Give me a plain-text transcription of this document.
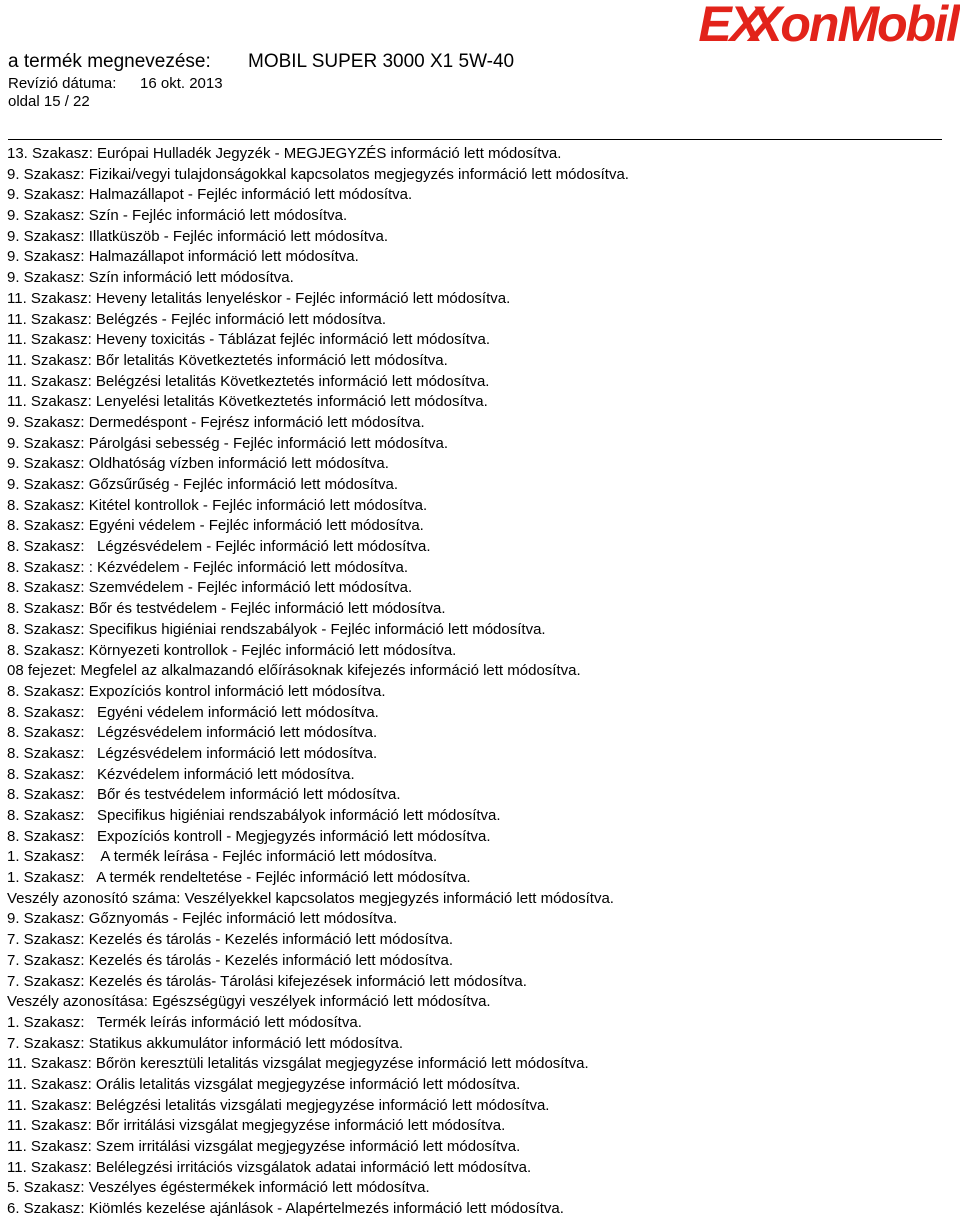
a termék megnevezése: MOBIL SUPER 3000 X1 5W-40
Revízió dátuma: 16 okt. 2013
oldal 15 / 22
EXX onMobil
13. Szakasz: Európai Hulladék Jegyzék - MEGJEGYZÉS információ lett módosítva.
9. Szakasz: Fizikai/vegyi tulajdonságokkal kapcsolatos megjegyzés információ lett módosítva.
9. Szakasz: Halmazállapot - Fejléc információ lett módosítva.
9. Szakasz: Szín - Fejléc információ lett módosítva.
9. Szakasz: Illatküszöb - Fejléc információ lett módosítva.
9. Szakasz: Halmazállapot információ lett módosítva.
9. Szakasz: Szín információ lett módosítva.
11. Szakasz: Heveny letalitás lenyeléskor - Fejléc információ lett módosítva.
11. Szakasz: Belégzés - Fejléc információ lett módosítva.
11. Szakasz: Heveny toxicitás - Táblázat fejléc információ lett módosítva.
11. Szakasz: Bőr letalitás Következtetés információ lett módosítva.
11. Szakasz: Belégzési letalitás Következtetés információ lett módosítva.
11. Szakasz: Lenyelési letalitás Következtetés információ lett módosítva.
9. Szakasz: Dermedéspont - Fejrész információ lett módosítva.
9. Szakasz: Párolgási sebesség - Fejléc információ lett módosítva.
9. Szakasz: Oldhatóság vízben információ lett módosítva.
9. Szakasz: Gőzsűrűség - Fejléc információ lett módosítva.
8. Szakasz: Kitétel kontrollok - Fejléc információ lett módosítva.
8. Szakasz: Egyéni védelem - Fejléc információ lett módosítva.
8. Szakasz:   Légzésvédelem - Fejléc információ lett módosítva.
8. Szakasz: : Kézvédelem - Fejléc információ lett módosítva.
8. Szakasz: Szemvédelem - Fejléc információ lett módosítva.
8. Szakasz: Bőr és testvédelem - Fejléc információ lett módosítva.
8. Szakasz: Specifikus higiéniai rendszabályok - Fejléc információ lett módosítva.
8. Szakasz: Környezeti kontrollok - Fejléc információ lett módosítva.
08 fejezet: Megfelel az alkalmazandó előírásoknak kifejezés információ lett módosítva.
8. Szakasz: Expozíciós kontrol információ lett módosítva.
8. Szakasz:   Egyéni védelem információ lett módosítva.
8. Szakasz:   Légzésvédelem információ lett módosítva.
8. Szakasz:   Légzésvédelem információ lett módosítva.
8. Szakasz:   Kézvédelem információ lett módosítva.
8. Szakasz:   Bőr és testvédelem információ lett módosítva.
8. Szakasz:   Specifikus higiéniai rendszabályok információ lett módosítva.
8. Szakasz:   Expozíciós kontroll - Megjegyzés információ lett módosítva.
1. Szakasz:    A termék leírása - Fejléc információ lett módosítva.
1. Szakasz:   A termék rendeltetése - Fejléc információ lett módosítva.
Veszély azonosító száma: Veszélyekkel kapcsolatos megjegyzés információ lett módosítva.
9. Szakasz: Gőznyomás - Fejléc információ lett módosítva.
7. Szakasz: Kezelés és tárolás - Kezelés információ lett módosítva.
7. Szakasz: Kezelés és tárolás - Kezelés információ lett módosítva.
7. Szakasz: Kezelés és tárolás- Tárolási kifejezések információ lett módosítva.
Veszély azonosítása: Egészségügyi veszélyek információ lett módosítva.
1. Szakasz:   Termék leírás információ lett módosítva.
7. Szakasz: Statikus akkumulátor információ lett módosítva.
11. Szakasz: Bőrön keresztüli letalitás vizsgálat megjegyzése információ lett módosítva.
11. Szakasz: Orális letalitás vizsgálat megjegyzése információ lett módosítva.
11. Szakasz: Belégzési letalitás vizsgálati megjegyzése információ lett módosítva.
11. Szakasz: Bőr irritálási vizsgálat megjegyzése információ lett módosítva.
11. Szakasz: Szem irritálási vizsgálat megjegyzése információ lett módosítva.
11. Szakasz: Belélegzési irritációs vizsgálatok adatai információ lett módosítva.
5. Szakasz: Veszélyes égéstermékek információ lett módosítva.
6. Szakasz: Kiömlés kezelése ajánlások - Alapértelmezés információ lett módosítva.
